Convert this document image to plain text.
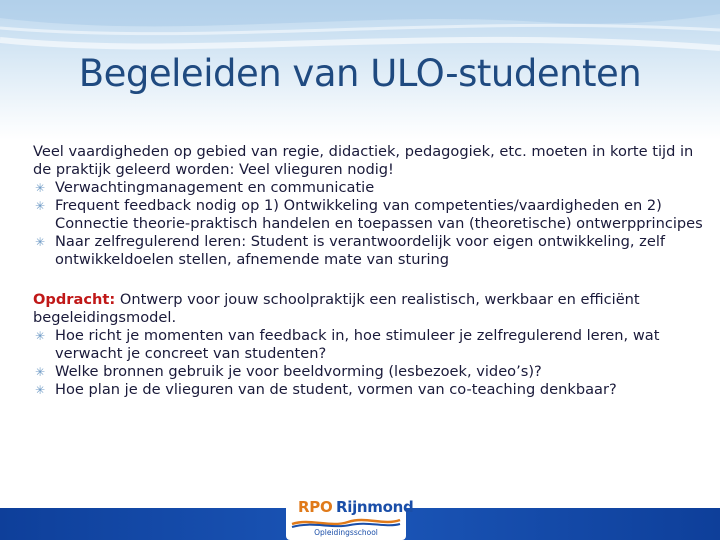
Begeleiden van ULO-studenten

Veel vaardigheden op gebied van regie, didactiek, pedagogiek, etc. moeten in korte tijd in de praktijk geleerd worden: Veel vlieguren nodig!

✳ Verwachtingmanagement en communicatie
✳ Frequent feedback nodig op 1) Ontwikkeling van competenties/vaardigheden en 2) Connectie theorie-praktisch handelen en toepassen van (theoretische) ontwerpprincipes
✳ Naar zelfregulerend leren: Student is verantwoordelijk voor eigen ontwikkeling, zelf ontwikkeldoelen stellen, afnemende mate van sturing

Opdracht: Ontwerp voor jouw schoolpraktijk een realistisch, werkbaar en efficiënt begeleidingsmodel.

✳ Hoe richt je momenten van feedback in, hoe stimuleer je zelfregulerend leren, wat verwacht je concreet van studenten?
✳ Welke bronnen gebruik je voor beeldvorming (lesbezoek, video’s)?
✳ Hoe plan je de vlieguren van de student, vormen van co-teaching denkbaar?
RPO Rijnmond
Opleidingsschool
